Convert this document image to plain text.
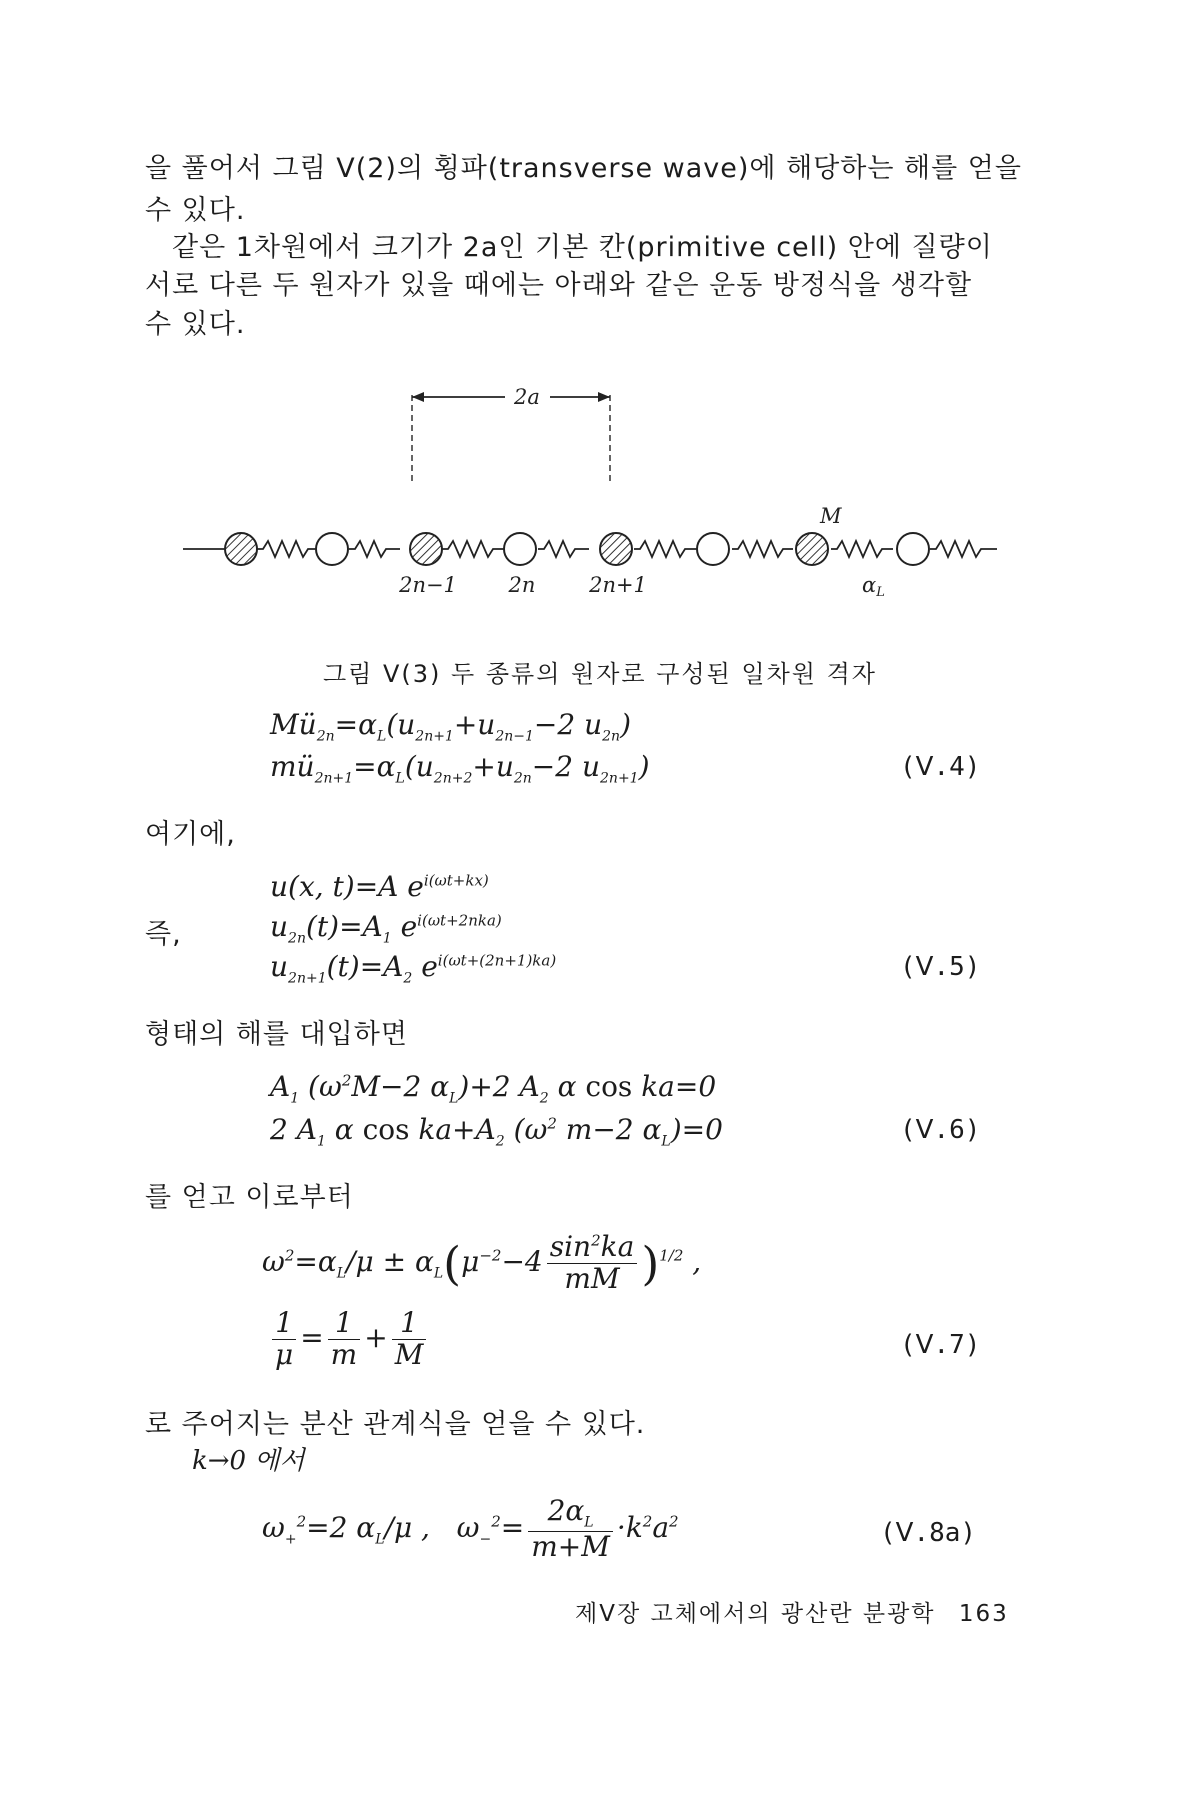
을 풀어서 그림 Ⅴ(2)의 횡파(transverse wave)에 해당하는 해를 얻을
수 있다.
같은 1차원에서 크기가 2a인 기본 칸(primitive cell) 안에 질량이
서로 다른 두 원자가 있을 때에는 아래와 같은 운동 방정식을 생각할
수 있다.
2a
M
2n−1 2n	2n+1	αL
그림 Ⅴ(3) 두 종류의 원자로 구성된 일차원 격자
$Mü_{2n}=\alpha_L(u_{2n+1}+u_{2n-1}-2$ $u_{2n}$)
$mü_{2n+1}=\alpha_L(u_{2n+2}+u_{2n}-2$ $u_{2n+1}$)	(Ⅴ.4)
여기에,
u(x, t)=A $e^{i(\omega t+kx)}$
즉,	$u_{2n}(t)=A_1$ $e^{i(\omega t+2nka)}$
$u_{2n+1}(t)=A_2$ $e^{i(\omega t+(2n+1)ka)}$	(Ⅴ.5)
형태의 해를 대입하면
$A_1$ ($\omega^2M-2$ $\alpha_L)+2$ $A_2$ α cos ka=0
2 $A_1$ α $\cos ka+A_2$ ($\omega^2$ m−2 $\alpha_L)=0$	(Ⅴ.6)
를 얻고 이로부터
$\omega^2=\alpha_L/\mu \pm \alpha_L(\mu^{-2}-4 \frac{\sin^2ka}{mM} )^{1/2}$ ,
$\frac{1}{\mu} = \frac{1}{m} + \frac{1}{M}$	(Ⅴ.7)
로 주어지는 분산 관계식을 얻을 수 있다.
k→0 에서
$\omega_+^2=2$ $\alpha_L/\mu$ ,   $\omega_-^2= \frac{2\alpha_L}{m+M} \cdot k^2a^2$	(Ⅴ.8a)
제Ⅴ장 고체에서의 광산란 분광학 163
